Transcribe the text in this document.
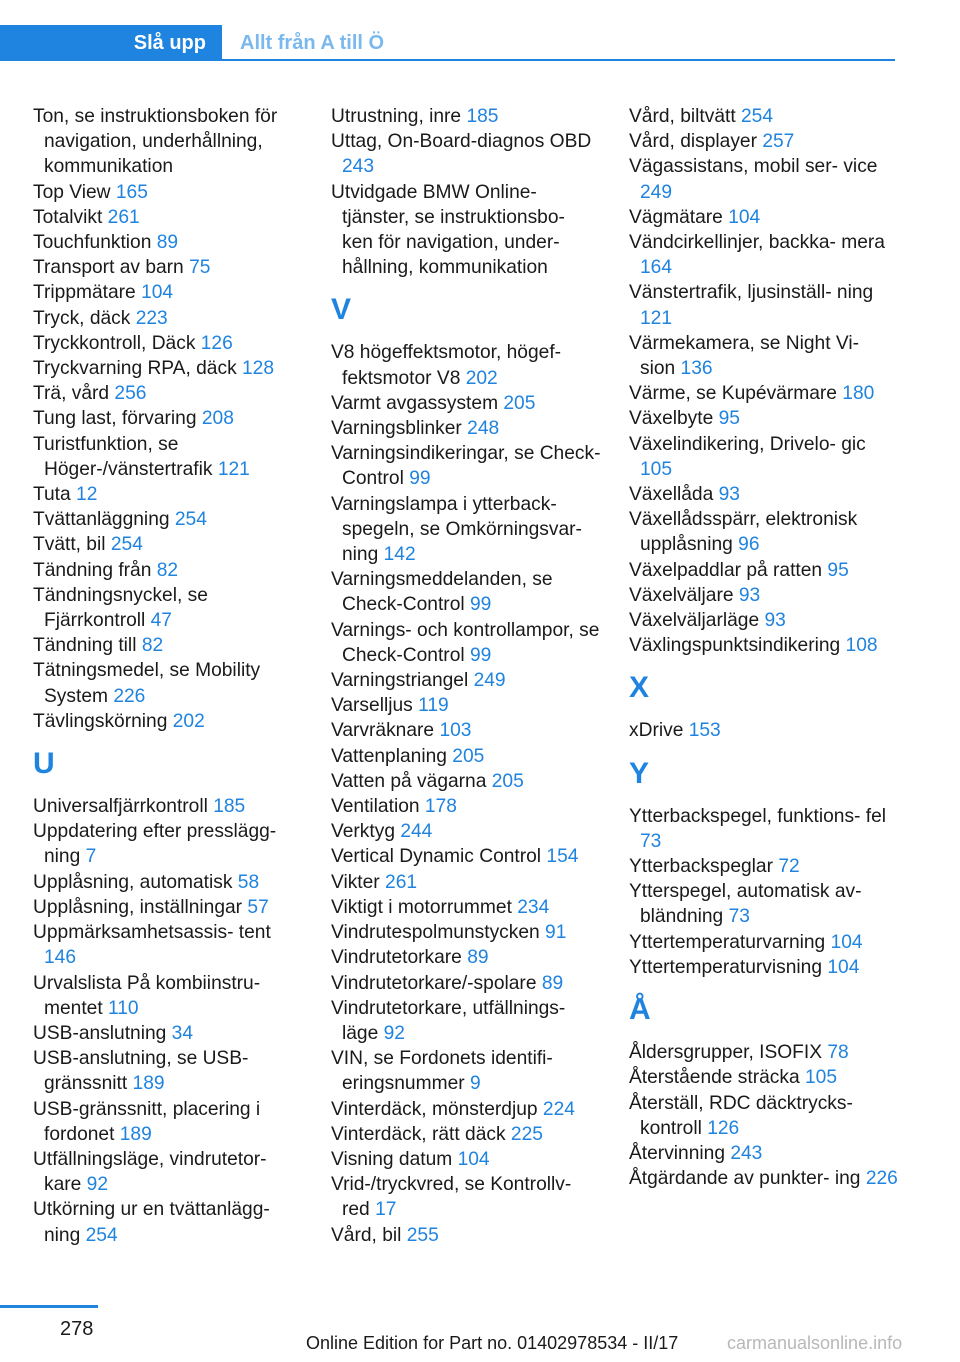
Slå upp	Allt från A till Ö
Ton, se instruktionsboken för navigation, underhållning, kommunikation
Top View 165
Totalvikt 261
Touchfunktion 89
Transport av barn 75
Trippmätare 104
Tryck, däck 223
Tryckkontroll, Däck 126
Tryckvarning RPA, däck 128
Trä, vård 256
Tung last, förvaring 208
Turistfunktion, se Höger-/vänstertrafik 121
Tuta 12
Tvättanläggning 254
Tvätt, bil 254
Tändning från 82
Tändningsnyckel, se Fjärrkontroll 47
Tändning till 82
Tätningsmedel, se Mobility System 226
Tävlingskörning 202
U
Universalfjärrkontroll 185
Uppdatering efter presslägg- ning 7
Upplåsning, automatisk 58
Upplåsning, inställningar 57
Uppmärksamhetsassis- tent 146
Urvalslista På kombiinstru- mentet 110
USB-anslutning 34
USB-anslutning, se USB- gränssnitt 189
USB-gränssnitt, placering i fordonet 189
Utfällningsläge, vindrutetor- kare 92
Utkörning ur en tvättanlägg- ning 254
Utrustning, inre 185
Uttag, On-Board-diagnos OBD 243
Utvidgade BMW Online- tjänster, se instruktionsbo- ken för navigation, under- hållning, kommunikation
V
V8 högeffektsmotor, högef- fektsmotor V8 202
Varmt avgassystem 205
Varningsblinker 248
Varningsindikeringar, se Check-Control 99
Varningslampa i ytterback- spegeln, se Omkörningsvar- ning 142
Varningsmeddelanden, se Check-Control 99
Varnings- och kontrollampor, se Check-Control 99
Varningstriangel 249
Varselljus 119
Varvräknare 103
Vattenplaning 205
Vatten på vägarna 205
Ventilation 178
Verktyg 244
Vertical Dynamic Control 154
Vikter 261
Viktigt i motorrummet 234
Vindrutespolmunstycken 91
Vindrutetorkare 89
Vindrutetorkare/-spolare 89
Vindrutetorkare, utfällnings- läge 92
VIN, se Fordonets identifi- eringsnummer 9
Vinterdäck, mönsterdjup 224
Vinterdäck, rätt däck 225
Visning datum 104
Vrid-/tryckvred, se Kontrollv- red 17
Vård, bil 255
Vård, biltvätt 254
Vård, displayer 257
Vägassistans, mobil ser- vice 249
Vägmätare 104
Vändcirkellinjer, backka- mera 164
Vänstertrafik, ljusinställ- ning 121
Värmekamera, se Night Vi- sion 136
Värme, se Kupévärmare 180
Växelbyte 95
Växelindikering, Drivelo- gic 105
Växellåda 93
Växellådsspärr, elektronisk upplåsning 96
Växelpaddlar på ratten 95
Växelväljare 93
Växelväljarläge 93
Växlingspunktsindikering 108
X
xDrive 153
Y
Ytterbackspegel, funktions- fel 73
Ytterbackspeglar 72
Ytterspegel, automatisk av- bländning 73
Yttertemperaturvarning 104
Yttertemperaturvisning 104
Å
Åldersgrupper, ISOFIX 78
Återstående sträcka 105
Återställ, RDC däcktrycks- kontroll 126
Återvinning 243
Åtgärdande av punkter- ing 226
278
Online Edition for Part no. 01402978534 - II/17	carmanualsonline.info
